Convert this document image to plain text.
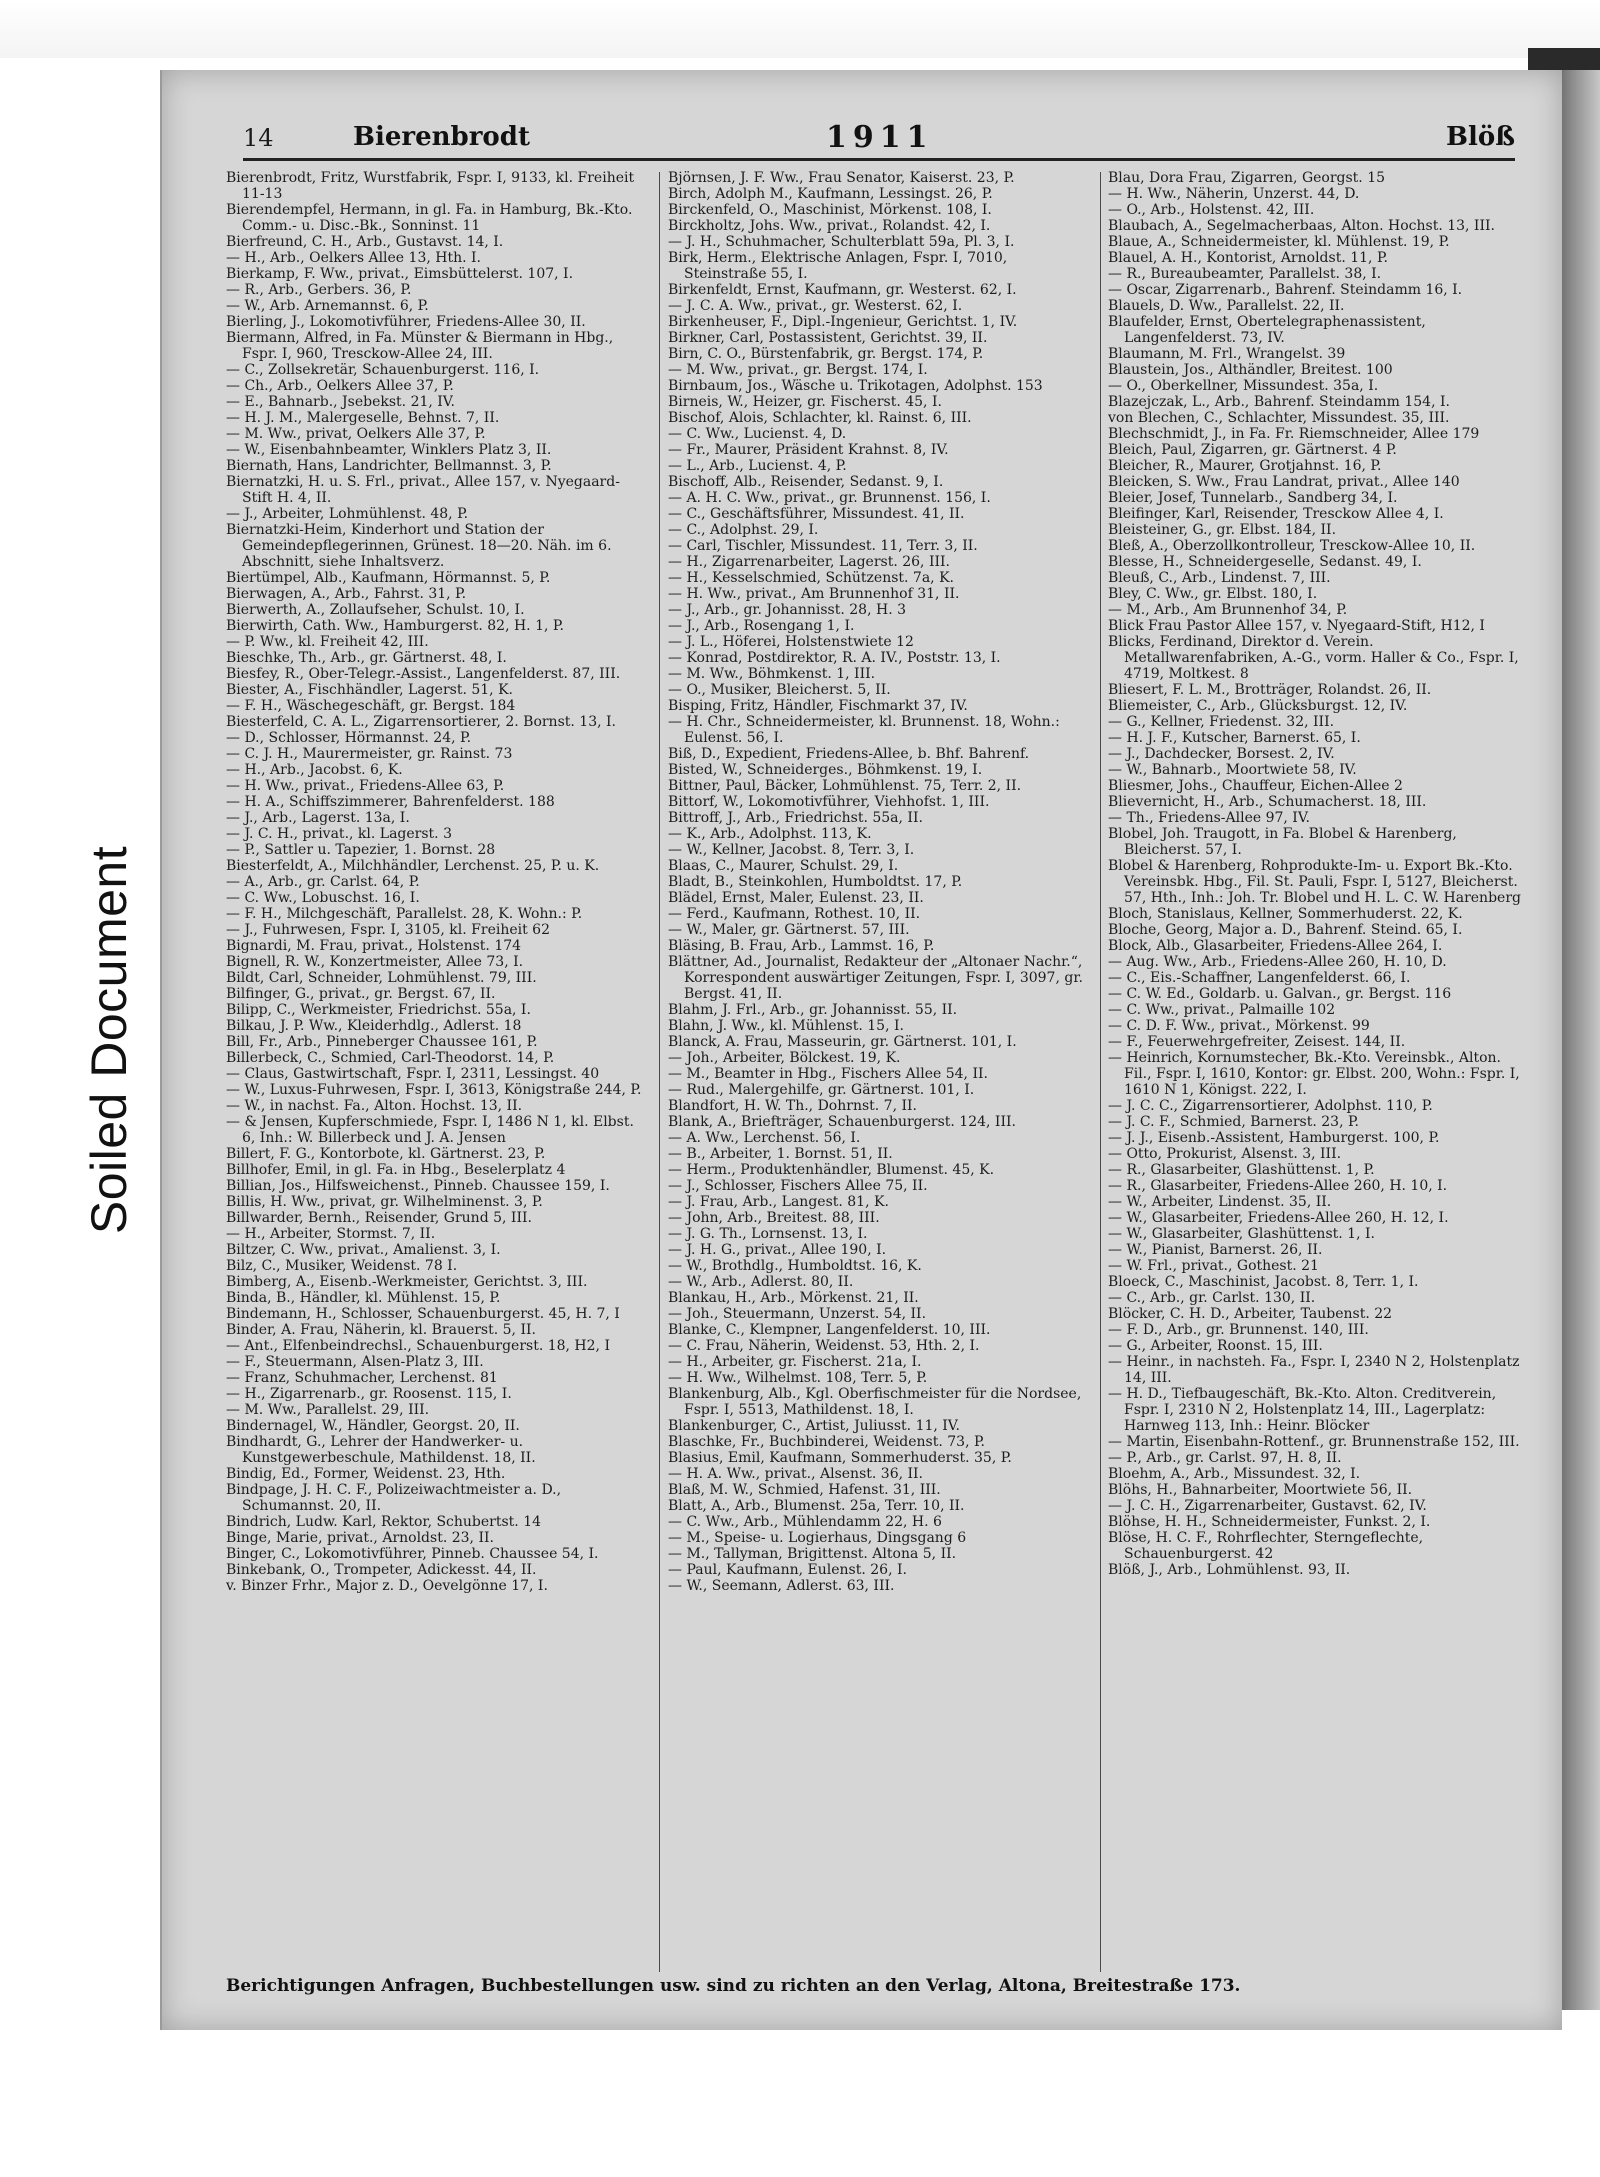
Soiled Document
14	Bierenbrodt	1911	Blöß

Bierenbrodt, Fritz, Wurstfabrik, Fspr. I, 9133, kl. Freiheit 11-13

Bierendempfel, Hermann, in gl. Fa. in Hamburg, Bk.-Kto. Comm.- u. Disc.-Bk., Sonninst. 11

Bierfreund, C. H., Arb., Gustavst. 14, I.

— H., Arb., Oelkers Allee 13, Hth. I.

Bierkamp, F. Ww., privat., Eimsbüttelerst. 107, I.

— R., Arb., Gerbers. 36, P.

— W., Arb. Arnemannst. 6, P.

Bierling, J., Lokomotivführer, Friedens-Allee 30, II.

Biermann, Alfred, in Fa. Münster & Biermann in Hbg., Fspr. I, 960, Tresckow-Allee 24, III.

— C., Zollsekretär, Schauenburgerst. 116, I.

— Ch., Arb., Oelkers Allee 37, P.

— E., Bahnarb., Jsebekst. 21, IV.

— H. J. M., Malergeselle, Behnst. 7, II.

— M. Ww., privat, Oelkers Alle 37, P.

— W., Eisenbahnbeamter, Winklers Platz 3, II.

Biernath, Hans, Landrichter, Bellmannst. 3, P.

Biernatzki, H. u. S. Frl., privat., Allee 157, v. Nyegaard-Stift H. 4, II.

— J., Arbeiter, Lohmühlenst. 48, P.

Biernatzki-Heim, Kinderhort und Station der Gemeindepflegerinnen, Grünest. 18—20. Näh. im 6. Abschnitt, siehe Inhaltsverz.

Biertümpel, Alb., Kaufmann, Hörmannst. 5, P.

Bierwagen, A., Arb., Fahrst. 31, P.

Bierwerth, A., Zollaufseher, Schulst. 10, I.

Bierwirth, Cath. Ww., Hamburgerst. 82, H. 1, P.

— P. Ww., kl. Freiheit 42, III.

Bieschke, Th., Arb., gr. Gärtnerst. 48, I.

Biesfey, R., Ober-Telegr.-Assist., Langenfelderst. 87, III.

Biester, A., Fischhändler, Lagerst. 51, K.

— F. H., Wäschegeschäft, gr. Bergst. 184

Biesterfeld, C. A. L., Zigarrensortierer, 2. Bornst. 13, I.

— D., Schlosser, Hörmannst. 24, P.

— C. J. H., Maurermeister, gr. Rainst. 73

— H., Arb., Jacobst. 6, K.

— H. Ww., privat., Friedens-Allee 63, P.

— H. A., Schiffszimmerer, Bahrenfelderst. 188

— J., Arb., Lagerst. 13a, I.

— J. C. H., privat., kl. Lagerst. 3

— P., Sattler u. Tapezier, 1. Bornst. 28

Biesterfeldt, A., Milchhändler, Lerchenst. 25, P. u. K.

— A., Arb., gr. Carlst. 64, P.

— C. Ww., Lobuschst. 16, I.

— F. H., Milchgeschäft, Parallelst. 28, K. Wohn.: P.

— J., Fuhrwesen, Fspr. I, 3105, kl. Freiheit 62

Bignardi, M. Frau, privat., Holstenst. 174

Bignell, R. W., Konzertmeister, Allee 73, I.

Bildt, Carl, Schneider, Lohmühlenst. 79, III.

Bilfinger, G., privat., gr. Bergst. 67, II.

Bilipp, C., Werkmeister, Friedrichst. 55a, I.

Bilkau, J. P. Ww., Kleiderhdlg., Adlerst. 18

Bill, Fr., Arb., Pinneberger Chaussee 161, P.

Billerbeck, C., Schmied, Carl-Theodorst. 14, P.

— Claus, Gastwirtschaft, Fspr. I, 2311, Lessingst. 40

— W., Luxus-Fuhrwesen, Fspr. I, 3613, Königstraße 244, P.

— W., in nachst. Fa., Alton. Hochst. 13, II.

— & Jensen, Kupferschmiede, Fspr. I, 1486 N 1, kl. Elbst. 6, Inh.: W. Billerbeck und J. A. Jensen

Billert, F. G., Kontorbote, kl. Gärtnerst. 23, P.

Billhofer, Emil, in gl. Fa. in Hbg., Beselerplatz 4

Billian, Jos., Hilfsweichenst., Pinneb. Chaussee 159, I.

Billis, H. Ww., privat, gr. Wilhelminenst. 3, P.

Billwarder, Bernh., Reisender, Grund 5, III.

— H., Arbeiter, Stormst. 7, II.

Biltzer, C. Ww., privat., Amalienst. 3, I.

Bilz, C., Musiker, Weidenst. 78 I.

Bimberg, A., Eisenb.-Werkmeister, Gerichtst. 3, III.

Binda, B., Händler, kl. Mühlenst. 15, P.

Bindemann, H., Schlosser, Schauenburgerst. 45, H. 7, I

Binder, A. Frau, Näherin, kl. Brauerst. 5, II.

— Ant., Elfenbeindrechsl., Schauenburgerst. 18, H2, I

— F., Steuermann, Alsen-Platz 3, III.

— Franz, Schuhmacher, Lerchenst. 81

— H., Zigarrenarb., gr. Roosenst. 115, I.

— M. Ww., Parallelst. 29, III.

Bindernagel, W., Händler, Georgst. 20, II.

Bindhardt, G., Lehrer der Handwerker- u. Kunstgewerbeschule, Mathildenst. 18, II.

Bindig, Ed., Former, Weidenst. 23, Hth.

Bindpage, J. H. C. F., Polizeiwachtmeister a. D., Schumannst. 20, II.

Bindrich, Ludw. Karl, Rektor, Schubertst. 14

Binge, Marie, privat., Arnoldst. 23, II.

Binger, C., Lokomotivführer, Pinneb. Chaussee 54, I.

Binkebank, O., Trompeter, Adickesst. 44, II.

v. Binzer Frhr., Major z. D., Oevelgönne 17, I.

Björnsen, J. F. Ww., Frau Senator, Kaiserst. 23, P.

Birch, Adolph M., Kaufmann, Lessingst. 26, P.

Birckenfeld, O., Maschinist, Mörkenst. 108, I.

Birckholtz, Johs. Ww., privat., Rolandst. 42, I.

— J. H., Schuhmacher, Schulterblatt 59a, Pl. 3, I.

Birk, Herm., Elektrische Anlagen, Fspr. I, 7010, Steinstraße 55, I.

Birkenfeldt, Ernst, Kaufmann, gr. Westerst. 62, I.

— J. C. A. Ww., privat., gr. Westerst. 62, I.

Birkenheuser, F., Dipl.-Ingenieur, Gerichtst. 1, IV.

Birkner, Carl, Postassistent, Gerichtst. 39, II.

Birn, C. O., Bürstenfabrik, gr. Bergst. 174, P.

— M. Ww., privat., gr. Bergst. 174, I.

Birnbaum, Jos., Wäsche u. Trikotagen, Adolphst. 153

Birneis, W., Heizer, gr. Fischerst. 45, I.

Bischof, Alois, Schlachter, kl. Rainst. 6, III.

— C. Ww., Lucienst. 4, D.

— Fr., Maurer, Präsident Krahnst. 8, IV.

— L., Arb., Lucienst. 4, P.

Bischoff, Alb., Reisender, Sedanst. 9, I.

— A. H. C. Ww., privat., gr. Brunnenst. 156, I.

— C., Geschäftsführer, Missundest. 41, II.

— C., Adolphst. 29, I.

— Carl, Tischler, Missundest. 11, Terr. 3, II.

— H., Zigarrenarbeiter, Lagerst. 26, III.

— H., Kesselschmied, Schützenst. 7a, K.

— H. Ww., privat., Am Brunnenhof 31, II.

— J., Arb., gr. Johannisst. 28, H. 3

— J., Arb., Rosengang 1, I.

— J. L., Höferei, Holstenstwiete 12

— Konrad, Postdirektor, R. A. IV., Poststr. 13, I.

— M. Ww., Böhmkenst. 1, III.

— O., Musiker, Bleicherst. 5, II.

Bisping, Fritz, Händler, Fischmarkt 37, IV.

— H. Chr., Schneidermeister, kl. Brunnenst. 18, Wohn.: Eulenst. 56, I.

Biß, D., Expedient, Friedens-Allee, b. Bhf. Bahrenf.

Bisted, W., Schneiderges., Böhmkenst. 19, I.

Bittner, Paul, Bäcker, Lohmühlenst. 75, Terr. 2, II.

Bittorf, W., Lokomotivführer, Viehhofst. 1, III.

Bittroff, J., Arb., Friedrichst. 55a, II.

— K., Arb., Adolphst. 113, K.

— W., Kellner, Jacobst. 8, Terr. 3, I.

Blaas, C., Maurer, Schulst. 29, I.

Bladt, B., Steinkohlen, Humboldtst. 17, P.

Blädel, Ernst, Maler, Eulenst. 23, II.

— Ferd., Kaufmann, Rothest. 10, II.

— W., Maler, gr. Gärtnerst. 57, III.

Bläsing, B. Frau, Arb., Lammst. 16, P.

Blättner, Ad., Journalist, Redakteur der „Altonaer Nachr.“, Korrespondent auswärtiger Zeitungen, Fspr. I, 3097, gr. Bergst. 41, II.

Blahm, J. Frl., Arb., gr. Johannisst. 55, II.

Blahn, J. Ww., kl. Mühlenst. 15, I.

Blanck, A. Frau, Masseurin, gr. Gärtnerst. 101, I.

— Joh., Arbeiter, Bölckest. 19, K.

— M., Beamter in Hbg., Fischers Allee 54, II.

— Rud., Malergehilfe, gr. Gärtnerst. 101, I.

Blandfort, H. W. Th., Dohrnst. 7, II.

Blank, A., Briefträger, Schauenburgerst. 124, III.

— A. Ww., Lerchenst. 56, I.

— B., Arbeiter, 1. Bornst. 51, II.

— Herm., Produktenhändler, Blumenst. 45, K.

— J., Schlosser, Fischers Allee 75, II.

— J. Frau, Arb., Langest. 81, K.

— John, Arb., Breitest. 88, III.

— J. G. Th., Lornsenst. 13, I.

— J. H. G., privat., Allee 190, I.

— W., Brothdlg., Humboldtst. 16, K.

— W., Arb., Adlerst. 80, II.

Blankau, H., Arb., Mörkenst. 21, II.

— Joh., Steuermann, Unzerst. 54, II.

Blanke, C., Klempner, Langenfelderst. 10, III.

— C. Frau, Näherin, Weidenst. 53, Hth. 2, I.

— H., Arbeiter, gr. Fischerst. 21a, I.

— H. Ww., Wilhelmst. 108, Terr. 5, P.

Blankenburg, Alb., Kgl. Oberfischmeister für die Nordsee, Fspr. I, 5513, Mathildenst. 18, I.

Blankenburger, C., Artist, Juliusst. 11, IV.

Blaschke, Fr., Buchbinderei, Weidenst. 73, P.

Blasius, Emil, Kaufmann, Sommerhuderst. 35, P.

— H. A. Ww., privat., Alsenst. 36, II.

Blaß, M. W., Schmied, Hafenst. 31, III.

Blatt, A., Arb., Blumenst. 25a, Terr. 10, II.

— C. Ww., Arb., Mühlendamm 22, H. 6

— M., Speise- u. Logierhaus, Dingsgang 6

— M., Tallyman, Brigittenst. Altona 5, II.

— Paul, Kaufmann, Eulenst. 26, I.

— W., Seemann, Adlerst. 63, III.

Blau, Dora Frau, Zigarren, Georgst. 15

— H. Ww., Näherin, Unzerst. 44, D.

— O., Arb., Holstenst. 42, III.

Blaubach, A., Segelmacherbaas, Alton. Hochst. 13, III.

Blaue, A., Schneidermeister, kl. Mühlenst. 19, P.

Blauel, A. H., Kontorist, Arnoldst. 11, P.

— R., Bureaubeamter, Parallelst. 38, I.

— Oscar, Zigarrenarb., Bahrenf. Steindamm 16, I.

Blauels, D. Ww., Parallelst. 22, II.

Blaufelder, Ernst, Obertelegraphenassistent, Langenfelderst. 73, IV.

Blaumann, M. Frl., Wrangelst. 39

Blaustein, Jos., Althändler, Breitest. 100

— O., Oberkellner, Missundest. 35a, I.

Blazejczak, L., Arb., Bahrenf. Steindamm 154, I.

von Blechen, C., Schlachter, Missundest. 35, III.

Blechschmidt, J., in Fa. Fr. Riemschneider, Allee 179

Bleich, Paul, Zigarren, gr. Gärtnerst. 4 P.

Bleicher, R., Maurer, Grotjahnst. 16, P.

Bleicken, S. Ww., Frau Landrat, privat., Allee 140

Bleier, Josef, Tunnelarb., Sandberg 34, I.

Bleifinger, Karl, Reisender, Tresckow Allee 4, I.

Bleisteiner, G., gr. Elbst. 184, II.

Bleß, A., Oberzollkontrolleur, Tresckow-Allee 10, II.

Blesse, H., Schneidergeselle, Sedanst. 49, I.

Bleuß, C., Arb., Lindenst. 7, III.

Bley, C. Ww., gr. Elbst. 180, I.

— M., Arb., Am Brunnenhof 34, P.

Blick Frau Pastor Allee 157, v. Nyegaard-Stift, H12, I

Blicks, Ferdinand, Direktor d. Verein. Metallwarenfabriken, A.-G., vorm. Haller & Co., Fspr. I, 4719, Moltkest. 8

Bliesert, F. L. M., Brotträger, Rolandst. 26, II.

Bliemeister, C., Arb., Glücksburgst. 12, IV.

— G., Kellner, Friedenst. 32, III.

— H. J. F., Kutscher, Barnerst. 65, I.

— J., Dachdecker, Borsest. 2, IV.

— W., Bahnarb., Moortwiete 58, IV.

Bliesmer, Johs., Chauffeur, Eichen-Allee 2

Blievernicht, H., Arb., Schumacherst. 18, III.

— Th., Friedens-Allee 97, IV.

Blobel, Joh. Traugott, in Fa. Blobel & Harenberg, Bleicherst. 57, I.

Blobel & Harenberg, Rohprodukte-Im- u. Export Bk.-Kto. Vereinsbk. Hbg., Fil. St. Pauli, Fspr. I, 5127, Bleicherst. 57, Hth., Inh.: Joh. Tr. Blobel und H. L. C. W. Harenberg

Bloch, Stanislaus, Kellner, Sommerhuderst. 22, K.

Bloche, Georg, Major a. D., Bahrenf. Steind. 65, I.

Block, Alb., Glasarbeiter, Friedens-Allee 264, I.

— Aug. Ww., Arb., Friedens-Allee 260, H. 10, D.

— C., Eis.-Schaffner, Langenfelderst. 66, I.

— C. W. Ed., Goldarb. u. Galvan., gr. Bergst. 116

— C. Ww., privat., Palmaille 102

— C. D. F. Ww., privat., Mörkenst. 99

— F., Feuerwehrgefreiter, Zeisest. 144, II.

— Heinrich, Kornumstecher, Bk.-Kto. Vereinsbk., Alton. Fil., Fspr. I, 1610, Kontor: gr. Elbst. 200, Wohn.: Fspr. I, 1610 N 1, Königst. 222, I.

— J. C. C., Zigarrensortierer, Adolphst. 110, P.

— J. C. F., Schmied, Barnerst. 23, P.

— J. J., Eisenb.-Assistent, Hamburgerst. 100, P.

— Otto, Prokurist, Alsenst. 3, III.

— R., Glasarbeiter, Glashüttenst. 1, P.

— R., Glasarbeiter, Friedens-Allee 260, H. 10, I.

— W., Arbeiter, Lindenst. 35, II.

— W., Glasarbeiter, Friedens-Allee 260, H. 12, I.

— W., Glasarbeiter, Glashüttenst. 1, I.

— W., Pianist, Barnerst. 26, II.

— W. Frl., privat., Gothest. 21

Bloeck, C., Maschinist, Jacobst. 8, Terr. 1, I.

— C., Arb., gr. Carlst. 130, II.

Blöcker, C. H. D., Arbeiter, Taubenst. 22

— F. D., Arb., gr. Brunnenst. 140, III.

— G., Arbeiter, Roonst. 15, III.

— Heinr., in nachsteh. Fa., Fspr. I, 2340 N 2, Holstenplatz 14, III.

— H. D., Tiefbaugeschäft, Bk.-Kto. Alton. Creditverein, Fspr. I, 2310 N 2, Holstenplatz 14, III., Lagerplatz: Harnweg 113, Inh.: Heinr. Blöcker

— Martin, Eisenbahn-Rottenf., gr. Brunnenstraße 152, III.

— P., Arb., gr. Carlst. 97, H. 8, II.

Bloehm, A., Arb., Missundest. 32, I.

Blöhs, H., Bahnarbeiter, Moortwiete 56, II.

— J. C. H., Zigarrenarbeiter, Gustavst. 62, IV.

Blöhse, H. H., Schneidermeister, Funkst. 2, I.

Blöse, H. C. F., Rohrflechter, Sterngeflechte, Schauenburgerst. 42

Blöß, J., Arb., Lohmühlenst. 93, II.

Berichtigungen Anfragen, Buchbestellungen usw. sind zu richten an den Verlag, Altona, Breitestraße 173.
